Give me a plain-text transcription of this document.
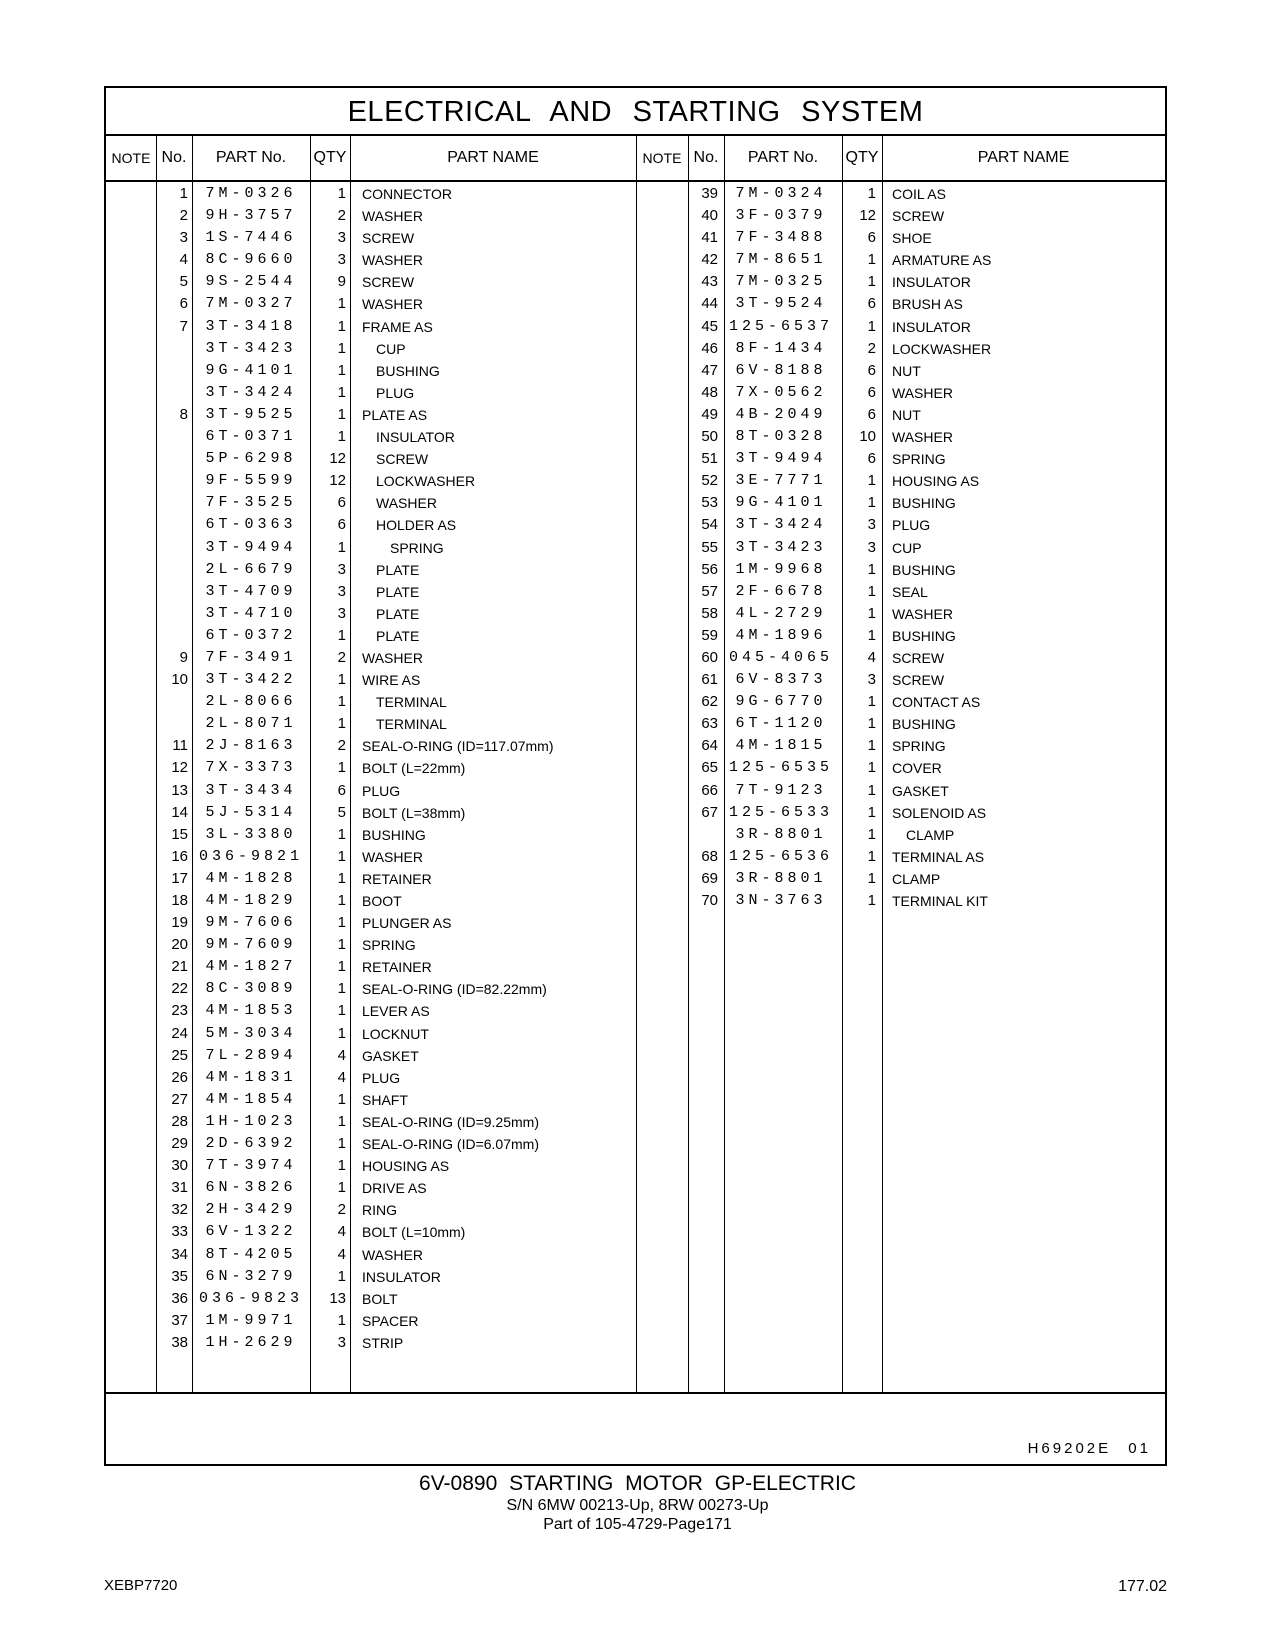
ELECTRICAL AND STARTING SYSTEM
NOTE No.	PART No.	QTY	PART NAME	NOTE No.	PART No.	QTY	PART NAME
1	7M-0326	1 CONNECTOR
2	9H-3757	2 WASHER
3	1S-7446	3 SCREW
4	8C-9660	3 WASHER
5	9S-2544	9 SCREW
6	7M-0327	1 WASHER
7	3T-3418	1 FRAME AS
3T-3423	1	CUP
9G-4101	1	BUSHING
3T-3424	1	PLUG
8	3T-9525	1 PLATE AS
6T-0371	1	INSULATOR
5P-6298	12	SCREW
9F-5599	12	LOCKWASHER
7F-3525	6	WASHER
6T-0363	6	HOLDER AS
3T-9494	1	SPRING
2L-6679	3	PLATE
3T-4709	3	PLATE
3T-4710	3	PLATE
6T-0372	1	PLATE
9	7F-3491	2 WASHER
10	3T-3422	1 WIRE AS
2L-8066	1	TERMINAL
2L-8071	1	TERMINAL
11	2J-8163	2 SEAL-O-RING (ID=117.07mm)
12	7X-3373	1 BOLT (L=22mm)
13	3T-3434	6 PLUG
14	5J-5314	5 BOLT (L=38mm)
15	3L-3380	1 BUSHING
16 036-9821	1 WASHER
17	4M-1828	1 RETAINER
18	4M-1829	1 BOOT
19	9M-7606	1 PLUNGER AS
20	9M-7609	1 SPRING
21	4M-1827	1 RETAINER
22	8C-3089	1 SEAL-O-RING (ID=82.22mm)
23	4M-1853	1 LEVER AS
24	5M-3034	1 LOCKNUT
25	7L-2894	4 GASKET
26	4M-1831	4 PLUG
27	4M-1854	1 SHAFT
28	1H-1023	1 SEAL-O-RING (ID=9.25mm)
29	2D-6392	1 SEAL-O-RING (ID=6.07mm)
30	7T-3974	1 HOUSING AS
31	6N-3826	1 DRIVE AS
32	2H-3429	2 RING
33	6V-1322	4 BOLT (L=10mm)
34	8T-4205	4 WASHER
35	6N-3279	1 INSULATOR
36 036-9823	13 BOLT
37	1M-9971	1 SPACER
38	1H-2629	3 STRIP
39	7M-0324	1 COIL AS
40	3F-0379	12 SCREW
41	7F-3488	6 SHOE
42	7M-8651	1 ARMATURE AS
43	7M-0325	1 INSULATOR
44	3T-9524	6 BRUSH AS
45 125-6537	1 INSULATOR
46	8F-1434	2 LOCKWASHER
47	6V-8188	6 NUT
48	7X-0562	6 WASHER
49	4B-2049	6 NUT
50	8T-0328	10 WASHER
51	3T-9494	6 SPRING
52	3E-7771	1 HOUSING AS
53	9G-4101	1 BUSHING
54	3T-3424	3 PLUG
55	3T-3423	3 CUP
56	1M-9968	1 BUSHING
57	2F-6678	1 SEAL
58	4L-2729	1 WASHER
59	4M-1896	1 BUSHING
60 045-4065	4 SCREW
61	6V-8373	3 SCREW
62	9G-6770	1 CONTACT AS
63	6T-1120	1 BUSHING
64	4M-1815	1 SPRING
65 125-6535	1 COVER
66	7T-9123	1 GASKET
67 125-6533	1 SOLENOID AS
3R-8801	1	CLAMP
68 125-6536	1 TERMINAL AS
69	3R-8801	1 CLAMP
70	3N-3763	1 TERMINAL KIT
H69202E 01
6V-0890 STARTING MOTOR GP-ELECTRIC
S/N 6MW 00213-Up, 8RW 00273-Up
Part of 105-4729-Page171
XEBP7720	177.02
